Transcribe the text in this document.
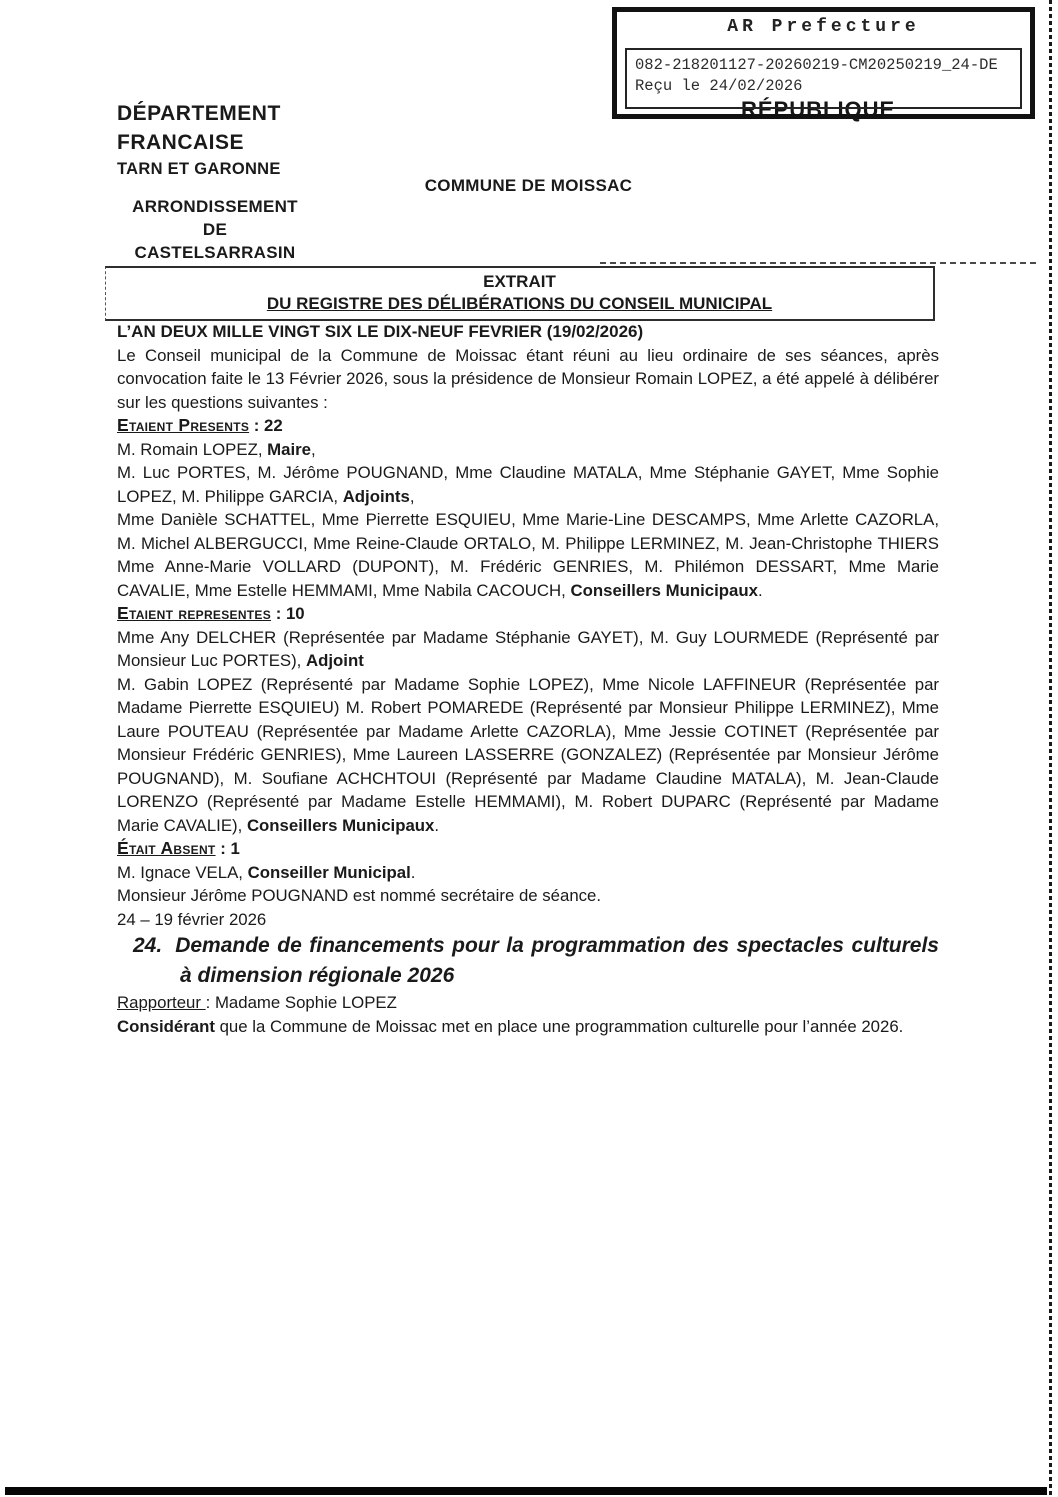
RÉPUBLIQUE
AR Prefecture
082-218201127-20260219-CM20250219_24-DE
Reçu le 24/02/2026
DÉPARTEMENT
FRANCAISE
TARN ET GARONNE
ARRONDISSEMENT
DE
CASTELSARRASIN
COMMUNE DE MOISSAC
EXTRAIT
DU REGISTRE DES DÉLIBÉRATIONS DU CONSEIL MUNICIPAL

L’AN DEUX MILLE VINGT SIX LE DIX-NEUF FEVRIER (19/02/2026)

Le Conseil municipal de la Commune de Moissac étant réuni au lieu ordinaire de ses séances, après convocation faite le 13 Février 2026, sous la présidence de Monsieur Romain LOPEZ, a été appelé à délibérer sur les questions suivantes :

Etaient Presents : 22

M. Romain LOPEZ, Maire,

M. Luc PORTES, M. Jérôme POUGNAND, Mme Claudine MATALA, Mme Stéphanie GAYET, Mme Sophie LOPEZ, M. Philippe GARCIA, Adjoints,

Mme Danièle SCHATTEL, Mme Pierrette ESQUIEU, Mme Marie-Line DESCAMPS, Mme Arlette CAZORLA, M. Michel ALBERGUCCI, Mme Reine-Claude ORTALO, M. Philippe LERMINEZ, M. Jean-Christophe THIERS Mme Anne-Marie VOLLARD (DUPONT), M. Frédéric GENRIES, M. Philémon DESSART, Mme Marie CAVALIE, Mme Estelle HEMMAMI, Mme Nabila CACOUCH, Conseillers Municipaux.

Etaient representes : 10

Mme Any DELCHER (Représentée par Madame Stéphanie GAYET), M. Guy LOURMEDE (Représenté par Monsieur Luc PORTES), Adjoint

M. Gabin LOPEZ (Représenté par Madame Sophie LOPEZ), Mme Nicole LAFFINEUR (Représentée par Madame Pierrette ESQUIEU) M. Robert POMAREDE (Représenté par Monsieur Philippe LERMINEZ), Mme Laure POUTEAU (Représentée par Madame Arlette CAZORLA), Mme Jessie COTINET (Représentée par Monsieur Frédéric GENRIES), Mme Laureen LASSERRE (GONZALEZ) (Représentée par Monsieur Jérôme POUGNAND), M. Soufiane ACHCHTOUI (Représenté par Madame Claudine MATALA), M. Jean-Claude LORENZO (Représenté par Madame Estelle HEMMAMI), M. Robert DUPARC (Représenté par Madame Marie CAVALIE), Conseillers Municipaux.

Était Absent : 1

M. Ignace VELA, Conseiller Municipal.

Monsieur Jérôme POUGNAND est nommé secrétaire de séance.

24 – 19 février 2026

24. Demande de financements pour la programmation des spectacles culturels à dimension régionale 2026

Rapporteur : Madame Sophie LOPEZ

Considérant que la Commune de Moissac met en place une programmation culturelle pour l’année 2026.
